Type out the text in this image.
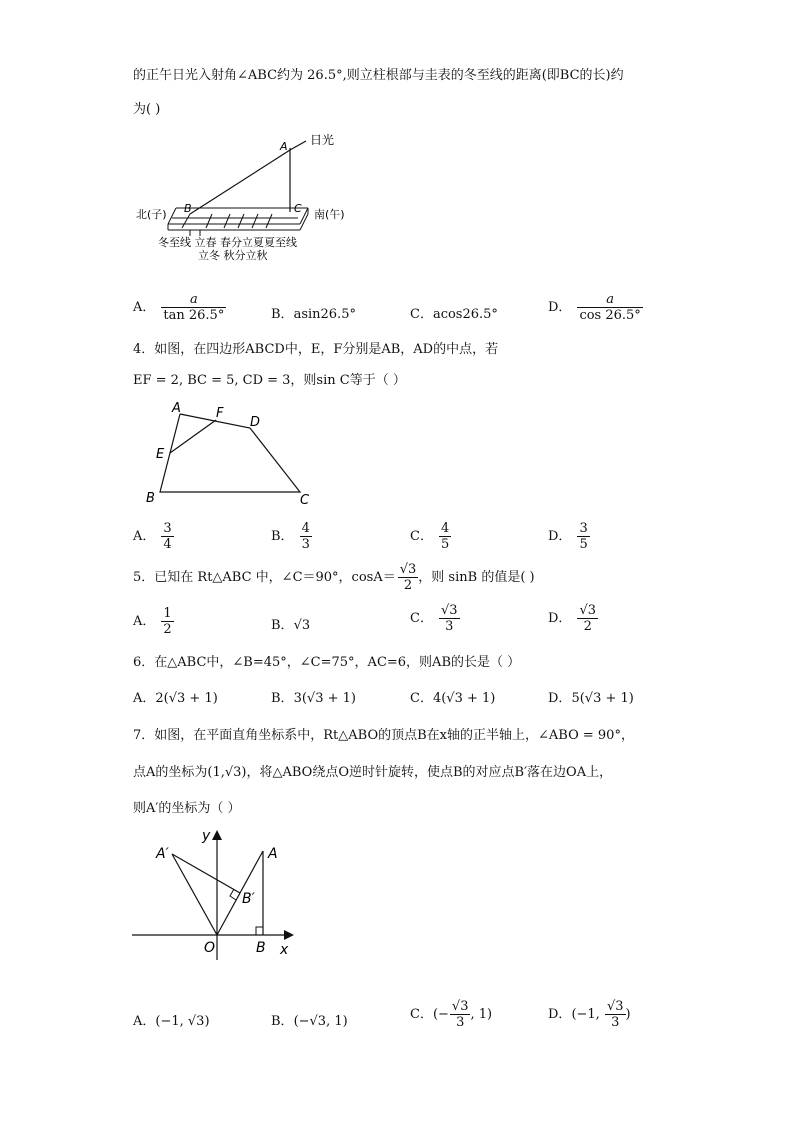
的正午日光入射角∠ABC约为 26.5°,则立柱根部与圭表的冬至线的距离(即BC的长)约
为( )
A 日光
B	C
北(子)	南(午)
冬至线 立春 春分立夏夏至线
立冬 秋分立秋
A． $\frac{a}{\tan 26.5^\circ}$	B．asin26.5°	C．acos26.5°	D． $\frac{a}{\cos 26.5^\circ}$
4．如图，在四边形ABCD中，E，F分别是AB，AD的中点，若
EF = 2, BC = 5, CD = 3，则sin C等于（ ）
A	F
D
E
B	C
A． $\frac{3}{4}$	B． $\frac{4}{3}$	C． $\frac{4}{5}$	D． $\frac{3}{5}$
5．已知在 Rt△ABC 中，∠C＝90°，$\cos A= \frac{√3}{2}$ ，则 sinB 的值是( )
A． $\frac{1}{2}$	B．√3	C． $\frac{√3}{3}$	D． $\frac{√3}{2}$
6．在△ABC中，∠B=45°，∠C=75°，AC=6，则AB的长是（ ）
A．2(√3 + 1)	B．3(√3 + 1)	C．4(√3 + 1)	D．5(√3 + 1)
7．如图，在平面直角坐标系中，Rt△ABO的顶点B在x轴的正半轴上，∠ABO = 90°，
点A的坐标为(1,√3)，将△ABO绕点O逆时针旋转，使点B的对应点B′落在边OA上，
则A′的坐标为（ ）
y
x
A′	A
B′
O	B
A．(−1, √3)	B．(−√3, 1)	C．(− $\frac{√3}{3}$ , 1)	D．(−1, $\frac{√3}{3}$ )
